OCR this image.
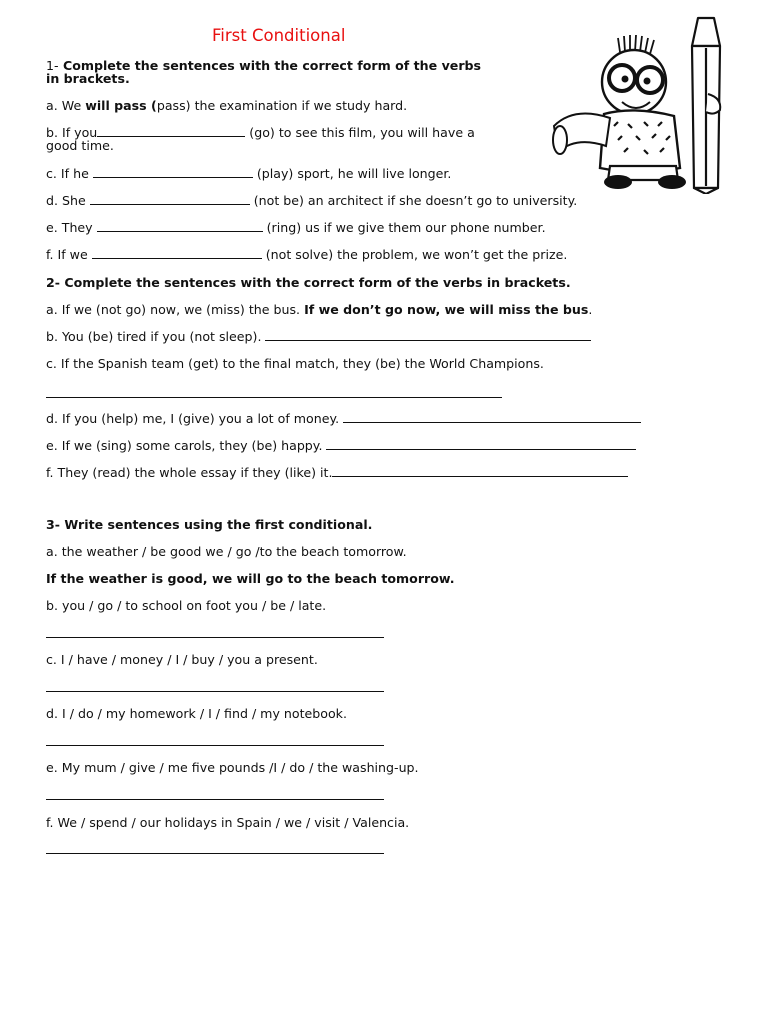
First Conditional
1- Complete the sentences with the correct form of the verbs
in brackets.
a. We will pass (pass) the examination if we study hard.
b. If you	(go) to see this film, you will have a
good time.
c. If he	(play) sport, he will live longer.
d. She	(not be) an architect if she doesn’t go to university.
e. They	(ring) us if we give them our phone number.
f. If we	(not solve) the problem, we won’t get the prize.
2- Complete the sentences with the correct form of the verbs in brackets.
a. If we (not go) now, we (miss) the bus. If we don’t go now, we will miss the bus.
b. You (be) tired if you (not sleep).
c. If the Spanish team (get) to the final match, they (be) the World Champions.
d. If you (help) me, I (give) you a lot of money.
e. If we (sing) some carols, they (be) happy.
f. They (read) the whole essay if they (like) it.
3- Write sentences using the first conditional.
a. the weather / be good we / go /to the beach tomorrow.
If the weather is good, we will go to the beach tomorrow.
b. you / go / to school on foot you / be / late.
c. I / have / money / I / buy / you a present.
d. I / do / my homework / I / find / my notebook.
e. My mum / give / me five pounds /I / do / the washing-up.
f. We / spend / our holidays in Spain / we / visit / Valencia.
